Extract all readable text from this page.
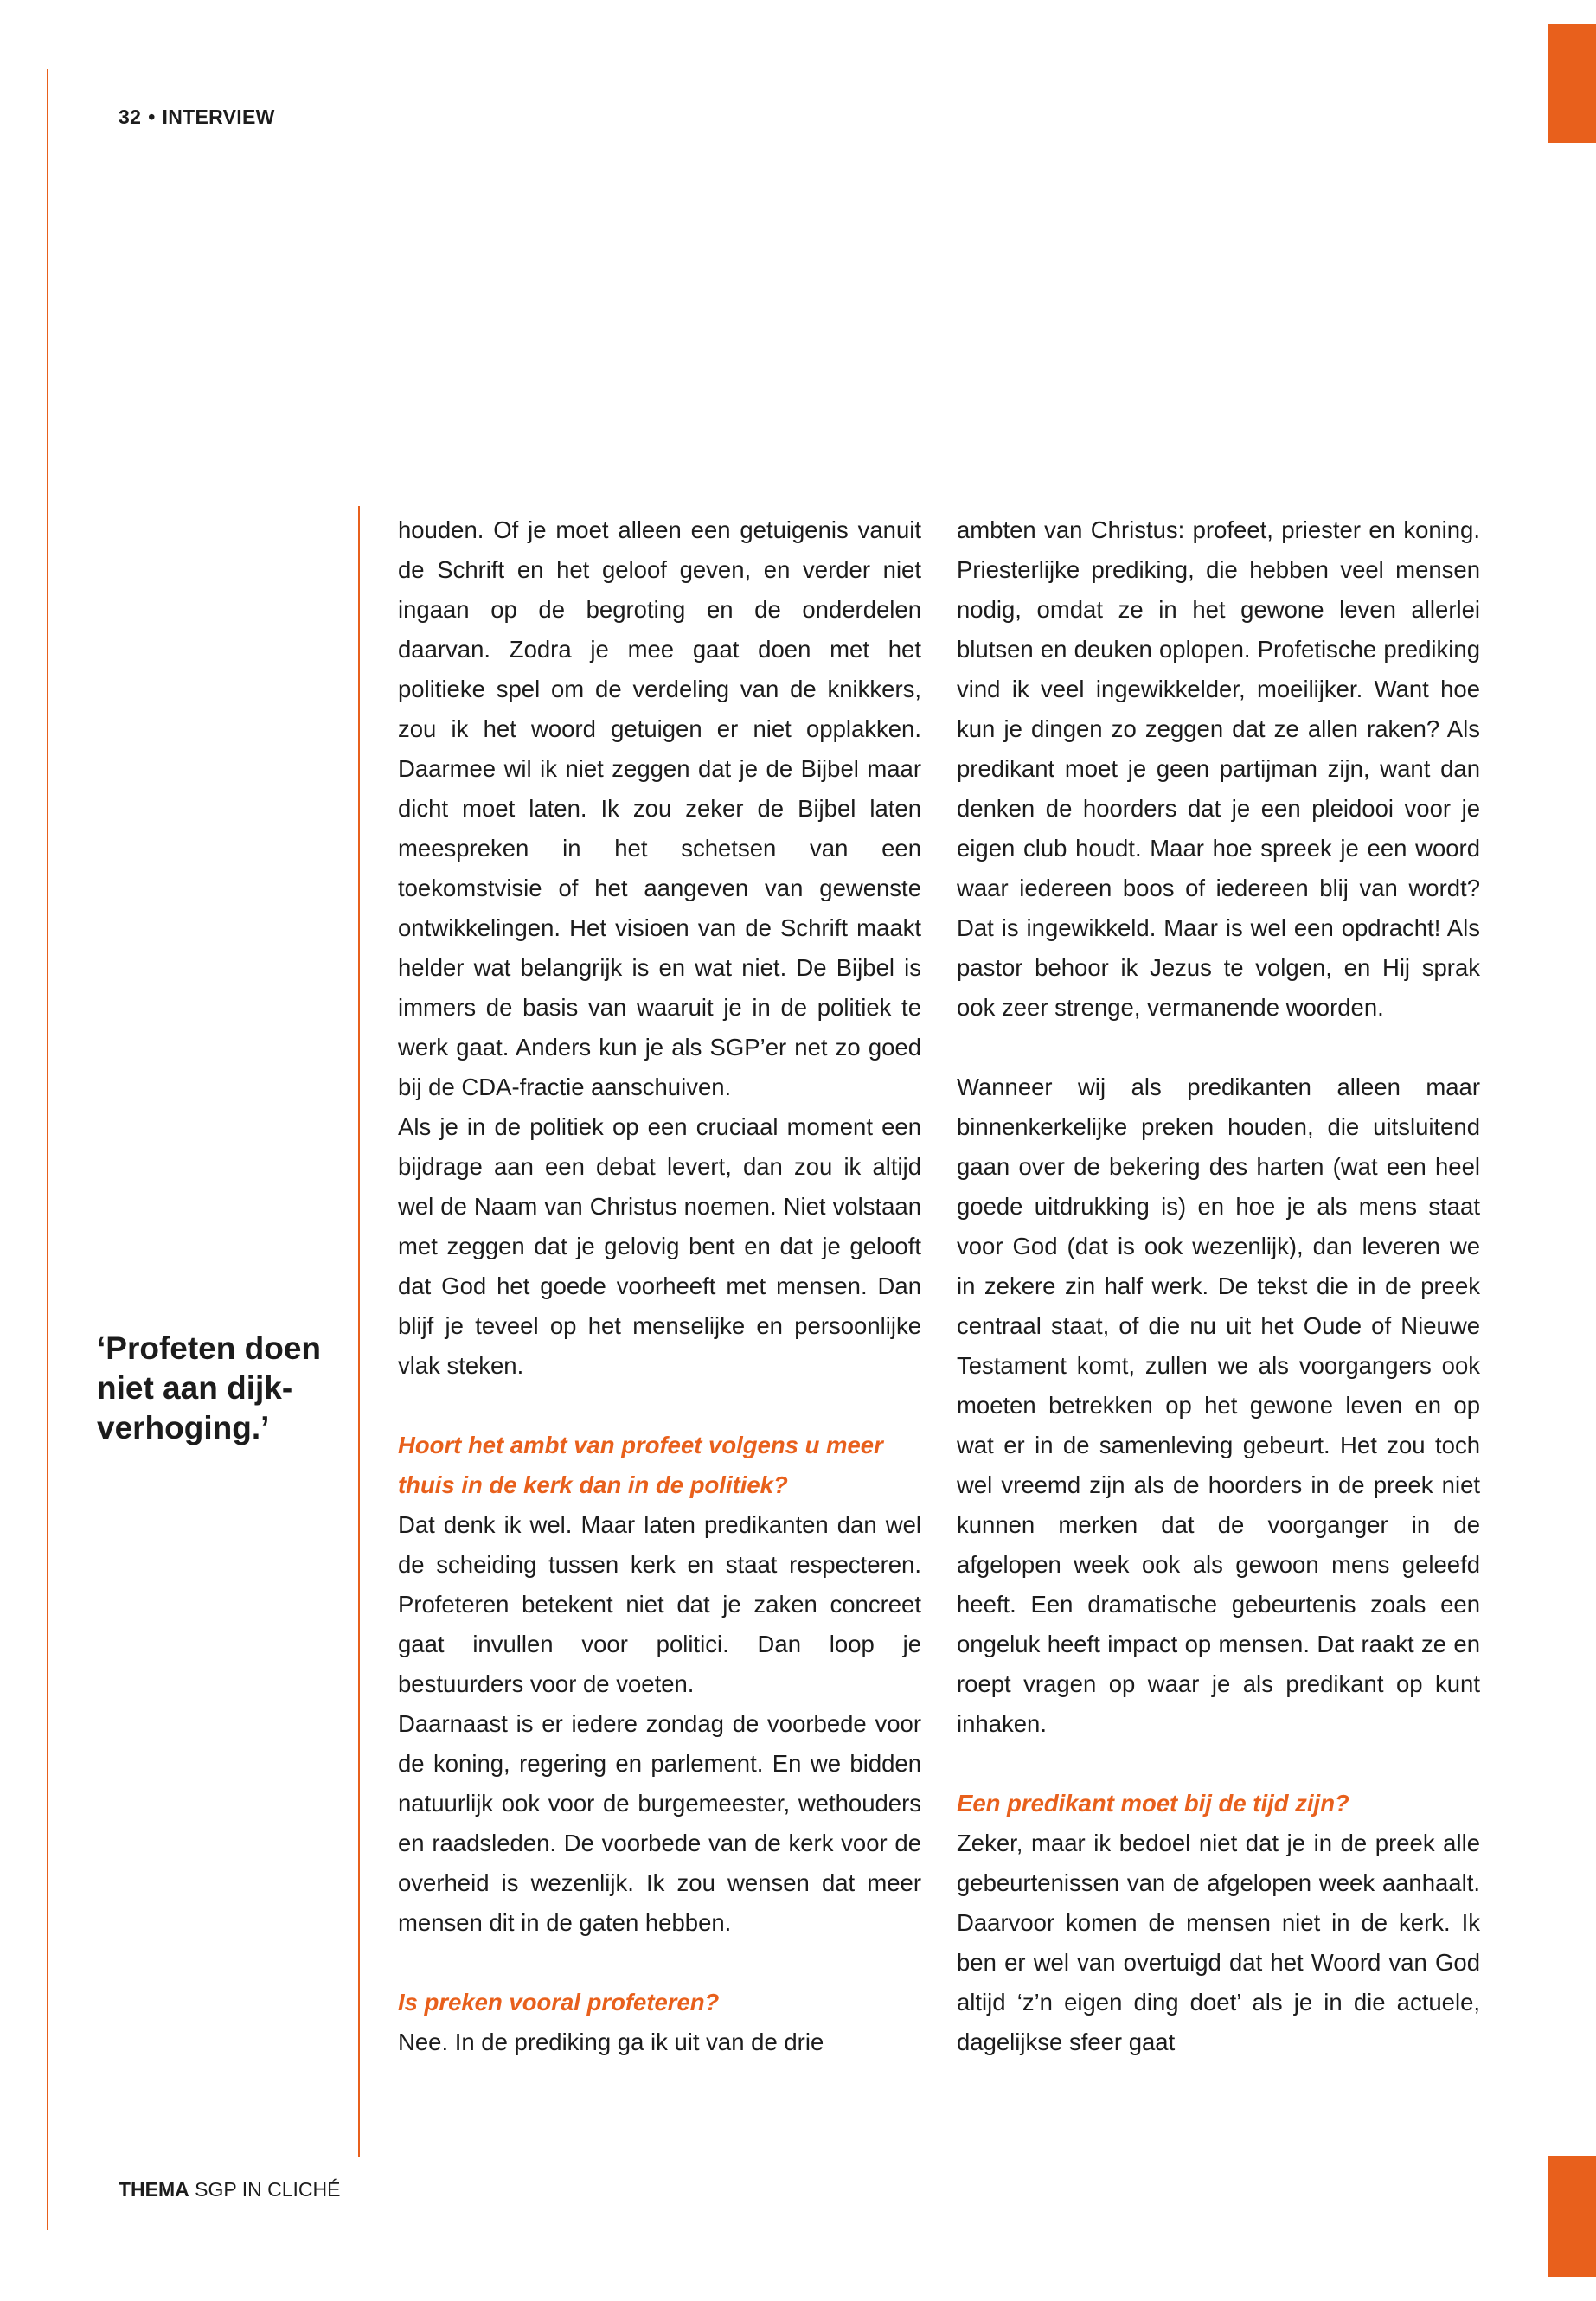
32 • INTERVIEW
‘Profeten doen niet aan dijkverhoging.’

houden. Of je moet alleen een getuigenis vanuit de Schrift en het geloof geven, en verder niet ingaan op de begroting en de onderdelen daarvan. Zodra je mee gaat doen met het politieke spel om de verdeling van de knikkers, zou ik het woord getuigen er niet opplakken. Daarmee wil ik niet zeggen dat je de Bijbel maar dicht moet laten. Ik zou zeker de Bijbel laten meespreken in het schetsen van een toekomstvisie of het aangeven van gewenste ontwikkelingen. Het visioen van de Schrift maakt helder wat belangrijk is en wat niet. De Bijbel is immers de basis van waaruit je in de politiek te werk gaat. Anders kun je als SGP’er net zo goed bij de CDA-fractie aanschuiven.

Als je in de politiek op een cruciaal moment een bijdrage aan een debat levert, dan zou ik altijd wel de Naam van Christus noemen. Niet volstaan met zeggen dat je gelovig bent en dat je gelooft dat God het goede voorheeft met mensen. Dan blijf je teveel op het menselijke en persoonlijke vlak steken.

Hoort het ambt van profeet volgens u meer thuis in de kerk dan in de politiek?

Dat denk ik wel. Maar laten predikanten dan wel de scheiding tussen kerk en staat respecteren. Profeteren betekent niet dat je zaken concreet gaat invullen voor politici. Dan loop je bestuurders voor de voeten.

Daarnaast is er iedere zondag de voorbede voor de koning, regering en parlement. En we bidden natuurlijk ook voor de burgemeester, wethouders en raadsleden. De voorbede van de kerk voor de overheid is wezenlijk. Ik zou wensen dat meer mensen dit in de gaten hebben.

Is preken vooral profeteren?

Nee. In de prediking ga ik uit van de drie

ambten van Christus: profeet, priester en koning. Priesterlijke prediking, die hebben veel mensen nodig, omdat ze in het gewone leven allerlei blutsen en deuken oplopen. Profetische prediking vind ik veel ingewikkelder, moeilijker. Want hoe kun je dingen zo zeggen dat ze allen raken? Als predikant moet je geen partijman zijn, want dan denken de hoorders dat je een pleidooi voor je eigen club houdt. Maar hoe spreek je een woord waar iedereen boos of iedereen blij van wordt? Dat is ingewikkeld. Maar is wel een opdracht! Als pastor behoor ik Jezus te volgen, en Hij sprak ook zeer strenge, vermanende woorden.

Wanneer wij als predikanten alleen maar binnenkerkelijke preken houden, die uitsluitend gaan over de bekering des harten (wat een heel goede uitdrukking is) en hoe je als mens staat voor God (dat is ook wezenlijk), dan leveren we in zekere zin half werk. De tekst die in de preek centraal staat, of die nu uit het Oude of Nieuwe Testament komt, zullen we als voorgangers ook moeten betrekken op het gewone leven en op wat er in de samenleving gebeurt. Het zou toch wel vreemd zijn als de hoorders in de preek niet kunnen merken dat de voorganger in de afgelopen week ook als gewoon mens geleefd heeft. Een dramatische gebeurtenis zoals een ongeluk heeft impact op mensen. Dat raakt ze en roept vragen op waar je als predikant op kunt inhaken.

Een predikant moet bij de tijd zijn?

Zeker, maar ik bedoel niet dat je in de preek alle gebeurtenissen van de afgelopen week aanhaalt. Daarvoor komen de mensen niet in de kerk. Ik ben er wel van overtuigd dat het Woord van God altijd ‘z’n eigen ding doet’ als je in die actuele, dagelijkse sfeer gaat

THEMA SGP IN CLICHÉ
